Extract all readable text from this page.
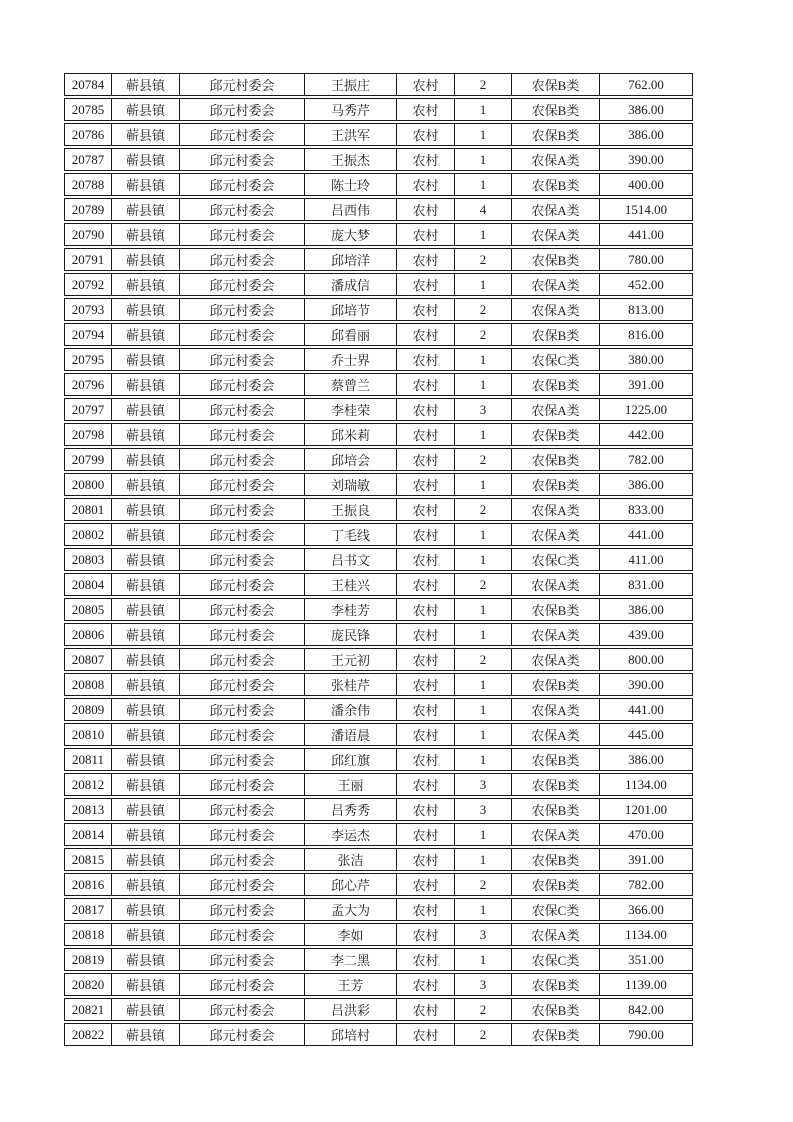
20784	蕲县镇	邱元村委会	王振庄	农村	2	农保B类	762.00
20785	蕲县镇	邱元村委会	马秀芹	农村	1	农保B类	386.00
20786	蕲县镇	邱元村委会	王洪军	农村	1	农保B类	386.00
20787	蕲县镇	邱元村委会	王振杰	农村	1	农保A类	390.00
20788	蕲县镇	邱元村委会	陈士玲	农村	1	农保B类	400.00
20789	蕲县镇	邱元村委会	吕西伟	农村	4	农保A类	1514.00
20790	蕲县镇	邱元村委会	庞大梦	农村	1	农保A类	441.00
20791	蕲县镇	邱元村委会	邱培洋	农村	2	农保B类	780.00
20792	蕲县镇	邱元村委会	潘成信	农村	1	农保A类	452.00
20793	蕲县镇	邱元村委会	邱培节	农村	2	农保A类	813.00
20794	蕲县镇	邱元村委会	邱看丽	农村	2	农保B类	816.00
20795	蕲县镇	邱元村委会	乔士界	农村	1	农保C类	380.00
20796	蕲县镇	邱元村委会	蔡曾兰	农村	1	农保B类	391.00
20797	蕲县镇	邱元村委会	李桂荣	农村	3	农保A类	1225.00
20798	蕲县镇	邱元村委会	邱米莉	农村	1	农保B类	442.00
20799	蕲县镇	邱元村委会	邱培会	农村	2	农保B类	782.00
20800	蕲县镇	邱元村委会	刘瑞敏	农村	1	农保B类	386.00
20801	蕲县镇	邱元村委会	王振良	农村	2	农保A类	833.00
20802	蕲县镇	邱元村委会	丁毛线	农村	1	农保A类	441.00
20803	蕲县镇	邱元村委会	吕书文	农村	1	农保C类	411.00
20804	蕲县镇	邱元村委会	王桂兴	农村	2	农保A类	831.00
20805	蕲县镇	邱元村委会	李桂芳	农村	1	农保B类	386.00
20806	蕲县镇	邱元村委会	庞民锋	农村	1	农保A类	439.00
20807	蕲县镇	邱元村委会	王元初	农村	2	农保A类	800.00
20808	蕲县镇	邱元村委会	张桂芹	农村	1	农保B类	390.00
20809	蕲县镇	邱元村委会	潘余伟	农村	1	农保A类	441.00
20810	蕲县镇	邱元村委会	潘语晨	农村	1	农保A类	445.00
20811	蕲县镇	邱元村委会	邱红旗	农村	1	农保B类	386.00
20812	蕲县镇	邱元村委会	王丽	农村	3	农保B类	1134.00
20813	蕲县镇	邱元村委会	吕秀秀	农村	3	农保B类	1201.00
20814	蕲县镇	邱元村委会	李运杰	农村	1	农保A类	470.00
20815	蕲县镇	邱元村委会	张洁	农村	1	农保B类	391.00
20816	蕲县镇	邱元村委会	邱心芹	农村	2	农保B类	782.00
20817	蕲县镇	邱元村委会	孟大为	农村	1	农保C类	366.00
20818	蕲县镇	邱元村委会	李如	农村	3	农保A类	1134.00
20819	蕲县镇	邱元村委会	李二黑	农村	1	农保C类	351.00
20820	蕲县镇	邱元村委会	王芳	农村	3	农保B类	1139.00
20821	蕲县镇	邱元村委会	吕洪彩	农村	2	农保B类	842.00
20822	蕲县镇	邱元村委会	邱培村	农村	2	农保B类	790.00
